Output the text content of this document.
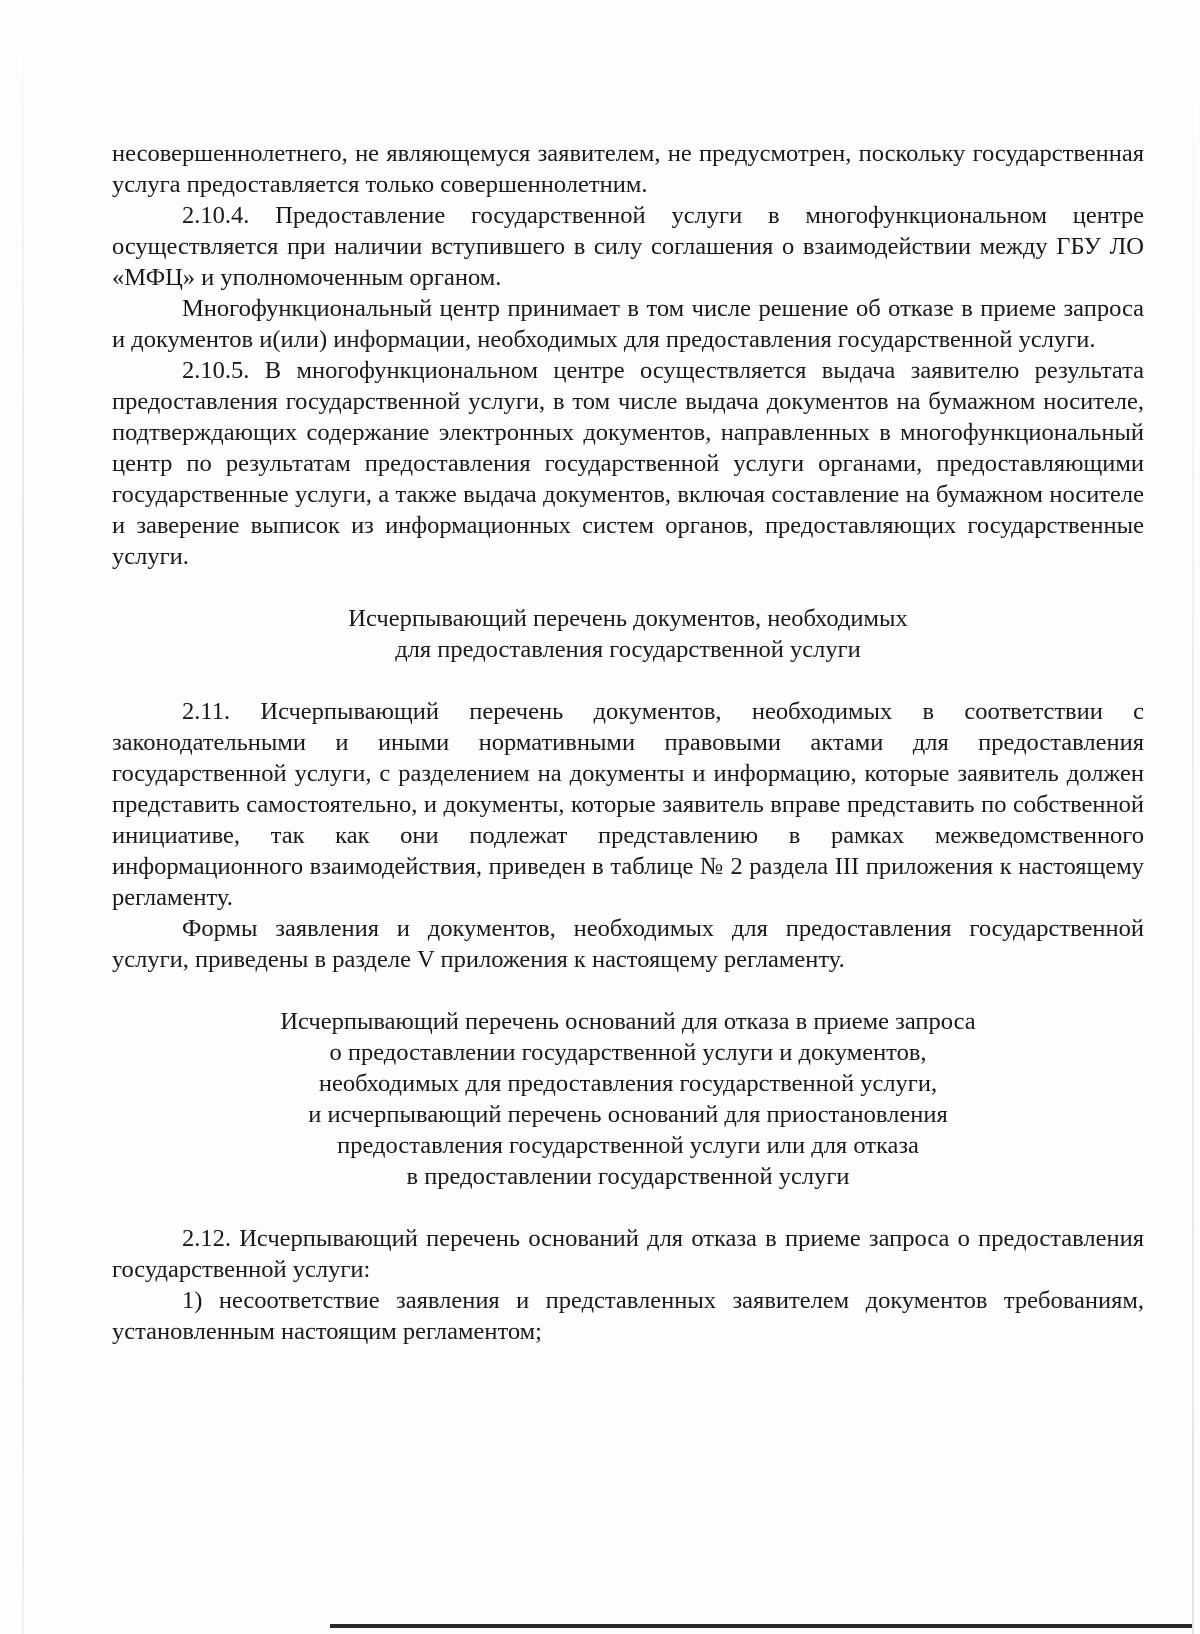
несовершеннолетнего, не являющемуся заявителем, не предусмотрен, поскольку государственная услуга предоставляется только совершеннолетним.

2.10.4. Предоставление государственной услуги в многофункциональном центре осуществляется при наличии вступившего в силу соглашения о взаимодействии между ГБУ ЛО «МФЦ» и уполномоченным органом.

Многофункциональный центр принимает в том числе решение об отказе в приеме запроса и документов и(или) информации, необходимых для предоставления государственной услуги.

2.10.5. В многофункциональном центре осуществляется выдача заявителю результата предоставления государственной услуги, в том числе выдача документов на бумажном носителе, подтверждающих содержание электронных документов, направленных в многофункциональный центр по результатам предоставления государственной услуги органами, предоставляющими государственные услуги, а также выдача документов, включая составление на бумажном носителе и заверение выписок из информационных систем органов, предоставляющих государственные услуги.

Исчерпывающий перечень документов, необходимых
для предоставления государственной услуги

2.11. Исчерпывающий перечень документов, необходимых в соответствии с законодательными и иными нормативными правовыми актами для предоставления государственной услуги, с разделением на документы и информацию, которые заявитель должен представить самостоятельно, и документы, которые заявитель вправе представить по собственной инициативе, так как они подлежат представлению в рамках межведомственного информационного взаимодействия, приведен в таблице № 2 раздела III приложения к настоящему регламенту.

Формы заявления и документов, необходимых для предоставления государственной услуги, приведены в разделе V приложения к настоящему регламенту.

Исчерпывающий перечень оснований для отказа в приеме запроса
о предоставлении государственной услуги и документов,
необходимых для предоставления государственной услуги,
и исчерпывающий перечень оснований для приостановления
предоставления государственной услуги или для отказа
в предоставлении государственной услуги

2.12. Исчерпывающий перечень оснований для отказа в приеме запроса о предоставления государственной услуги:

1) несоответствие заявления и представленных заявителем документов требованиям, установленным настоящим регламентом;
